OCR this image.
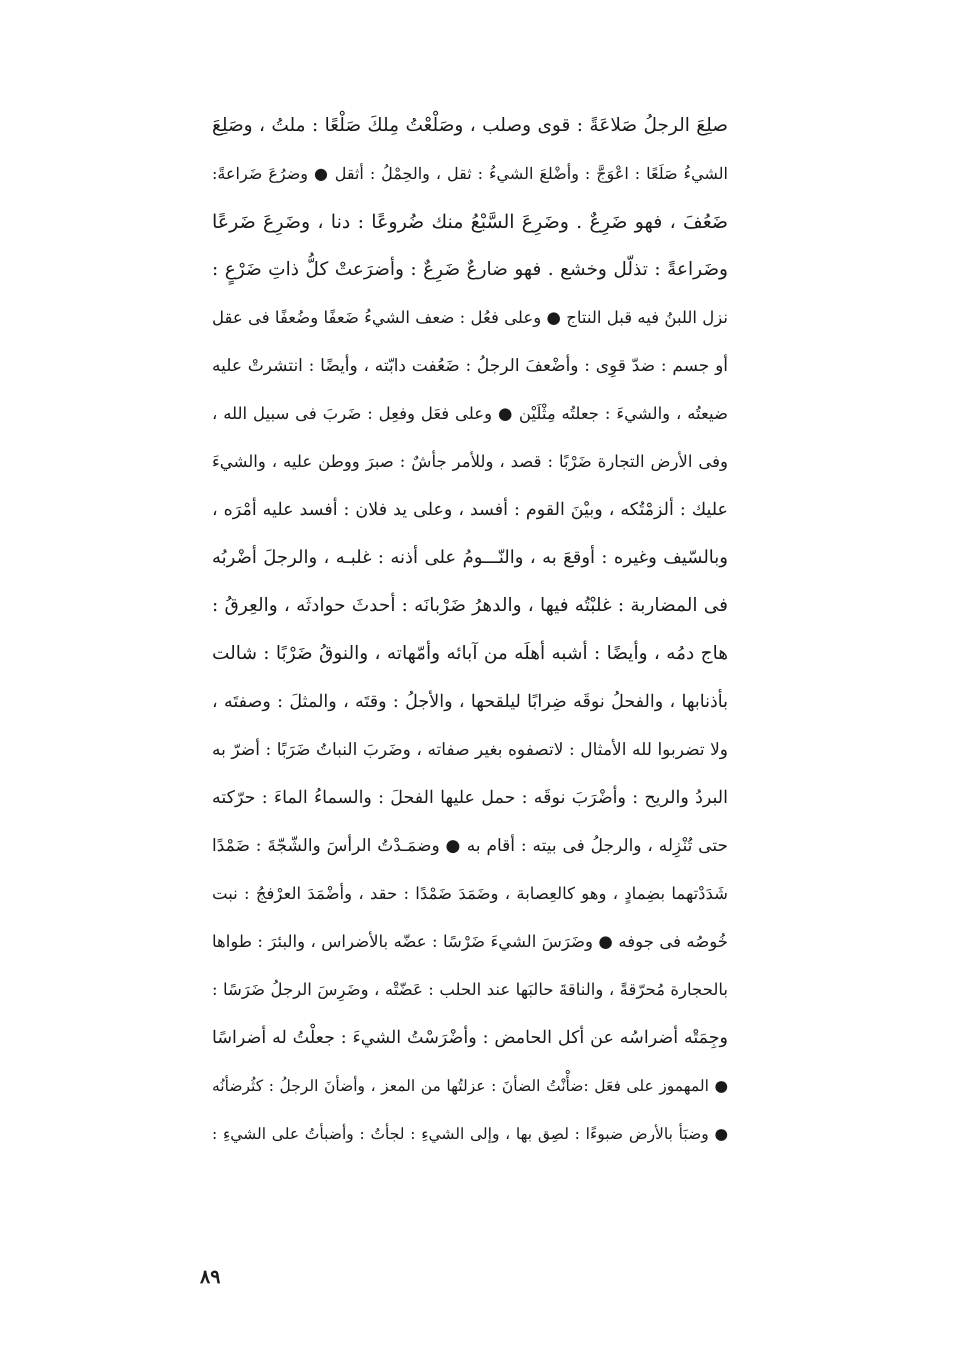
صلِعَ الرجلُ صَلاعَةً : قوى وصلب ، وصَلْعْتُ مِلكَ صَلْعًا : ملتُ ، وصَلِعَ
الشيءُ صَلَعًا : اعْوَجَّ : وأضْلعَ الشيءُ : ثقل ، والحِمْلُ : أثقل ● وضرُعَ ضَراعةً:
ضَعُفَ ، فهو ضَرِعٌ . وضَرِعَ السَّبْعُ منك ضُروعًا : دنا ، وضَرِعَ ضَرعًا
وضَراعةً : تذلّل وخشع . فهو ضارعٌ ضَرِعٌ : وأضرَعتْ كلُّ ذاتِ ضَرْعٍ :
نزل اللبنُ فيه قبل النتاج ● وعلى فعُل : ضعف الشيءُ ضَعفًا وضُعفًا فى عقل
أو جسم : ضدّ قوِى : وأضْعفَ الرجلُ : ضَعُفت دابّته ، وأيضًا : انتشرتْ عليه
ضيعتُه ، والشيءَ : جعلتُه مِثْلَيْن ● وعلى فعَل وفعِل : ضَربَ فى سبيل الله ،
وفى الأرض التجارة ضَرْبًا : قصد ، وللأمر جأشٌ : صبرَ ووطن عليه ، والشيءَ
عليك : ألزمْتُكه ، وبيْنَ القوم : أفسد ، وعلى يد فلان : أفسد عليه أمْرَه ،
وبالسّيف وغيره : أوقعَ به ، والنّـــومُ على أذنه : غلبـه ، والرجلَ أضْربُه
فى المضاربة : غلبْتُه فيها ، والدهرُ ضَرْبانَه : أحدثَ حوادثَه ، والعِرقُ :
هاج دمُه ، وأيضًا : أشبه أهلَه من آبائه وأمّهاته ، والنوقُ ضَرْبًا : شالت
بأذنابها ، والفحلُ نوقَه ضِرابًا ليلقحها ، والأجلُ : وقتَه ، والمثلَ : وصفتَه ،
ولا تضربوا لله الأمثال : لاتصفوه بغير صفاته ، وضَربَ النباتُ ضَرَبًا : أضرّ به
البردُ والريح : وأضْرَبَ نوقَه : حمل عليها الفحلَ : والسماءُ الماءَ : حرّكته
حتى تُنْزِله ، والرجلُ فى بيته : أقام به ● وضمَـدْتُ الرأسَ والشّجّةَ : ضَمْدًا
شَدَدْتهما بضِمادٍ ، وهو كالعِصابة ، وضَمَدَ ضَمْدًا : حقد ، وأضْمَدَ العرْفجُ : نبت
خُوصُه فى جوفه ● وضَرَسَ الشيءَ ضَرْسًا : عضّه بالأضراس ، والبئرَ : طواها
بالحجارة مُحرّقةً ، والناقةَ حالبَها عند الحلب : عَضّتْه ، وضَرِسَ الرجلُ ضَرَسًا :
وجِمَتْه أضراسُه عن أكل الحامض : وأضْرَسْتُ الشيءَ : جعلْتُ له أضراسًا
● المهموز على فعَل :ضأْنْتُ الضأنَ : عزلتُها من المعز ، وأضأنَ الرجلُ : كثُرضأنُه
● وضبَأ بالأرض ضبوءًا : لصِق بها ، وإلى الشيءِ : لجأتُ : وأضبأتُ على الشيءِ :
٨٩
